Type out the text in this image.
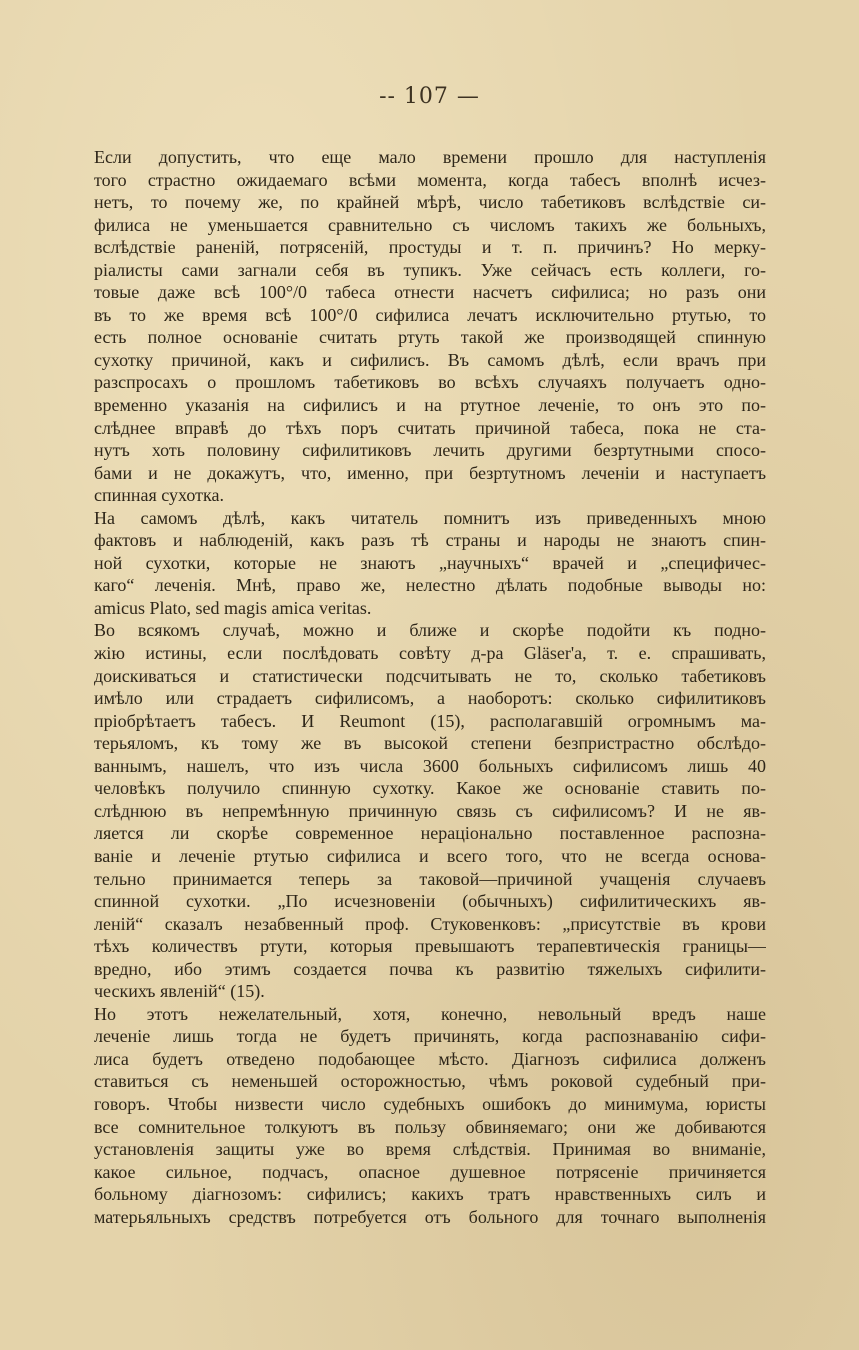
-- 107 —
Если допустить, что еще мало времени прошло для наступленія
того страстно ожидаемаго всѣми момента, когда табесъ вполнѣ исчез-
нетъ, то почему же, по крайней мѣрѣ, число табетиковъ вслѣдствіе си-
филиса не уменьшается сравнительно съ числомъ такихъ же больныхъ,
вслѣдствіе раненій, потрясеній, простуды и т. п. причинъ? Но мерку-
ріалисты сами загнали себя въ тупикъ. Уже сейчасъ есть коллеги, го-
товые даже всѣ 100°/0 табеса отнести насчетъ сифилиса; но разъ они
въ то же время всѣ 100°/0 сифилиса лечатъ исключительно ртутью, то
есть полное основаніе считать ртуть такой же производящей спинную
сухотку причиной, какъ и сифилисъ. Въ самомъ дѣлѣ, если врачъ при
разспросахъ о прошломъ табетиковъ во всѣхъ случаяхъ получаетъ одно-
временно указанія на сифилисъ и на ртутное леченіе, то онъ это по-
слѣднее вправѣ до тѣхъ поръ считать причиной табеса, пока не ста-
нутъ хоть половину сифилитиковъ лечить другими безртутными спосо-
бами и не докажутъ, что, именно, при безртутномъ леченіи и наступаетъ
спинная сухотка.
На самомъ дѣлѣ, какъ читатель помнитъ изъ приведенныхъ мною
фактовъ и наблюденій, какъ разъ тѣ страны и народы не знаютъ спин-
ной сухотки, которые не знаютъ „научныхъ“ врачей и „специфичес-
каго“ леченія. Мнѣ, право же, нелестно дѣлать подобные выводы но:
amicus Plato, sed magis amica veritas.
Во всякомъ случаѣ, можно и ближе и скорѣе подойти къ подно-
жію истины, если послѣдовать совѣту д-ра Gläser'a, т. е. спрашивать,
доискиваться и статистически подсчитывать не то, сколько табетиковъ
имѣло или страдаетъ сифилисомъ, а наоборотъ: сколько сифилитиковъ
пріобрѣтаетъ табесъ. И Reumont (15), располагавшій огромнымъ ма-
терьяломъ, къ тому же въ высокой степени безпристрастно обслѣдо-
ваннымъ, нашелъ, что изъ числа 3600 больныхъ сифилисомъ лишь 40
человѣкъ получило спинную сухотку. Какое же основаніе ставить по-
слѣднюю въ непремѣнную причинную связь съ сифилисомъ? И не яв-
ляется ли скорѣе современное нераціонально поставленное распозна-
ваніе и леченіе ртутью сифилиса и всего того, что не всегда основа-
тельно принимается теперь за таковой—причиной учащенія случаевъ
спинной сухотки. „По исчезновеніи (обычныхъ) сифилитическихъ яв-
леній“ сказалъ незабвенный проф. Стуковенковъ: „присутствіе въ крови
тѣхъ количествъ ртути, которыя превышаютъ терапевтическія границы—
вредно, ибо этимъ создается почва къ развитію тяжелыхъ сифилити-
ческихъ явленій“ (15).
Но этотъ нежелательный, хотя, конечно, невольный вредъ наше
леченіе лишь тогда не будетъ причинять, когда распознаванію сифи-
лиса будетъ отведено подобающее мѣсто. Діагнозъ сифилиса долженъ
ставиться съ неменьшей осторожностью, чѣмъ роковой судебный при-
говоръ. Чтобы низвести число судебныхъ ошибокъ до минимума, юристы
все сомнительное толкуютъ въ пользу обвиняемаго; они же добиваются
установленія защиты уже во время слѣдствія. Принимая во вниманіе,
какое сильное, подчасъ, опасное душевное потрясеніе причиняется
больному діагнозомъ: сифилисъ; какихъ тратъ нравственныхъ силъ и
матерьяльныхъ средствъ потребуется отъ больного для точнаго выполненія
